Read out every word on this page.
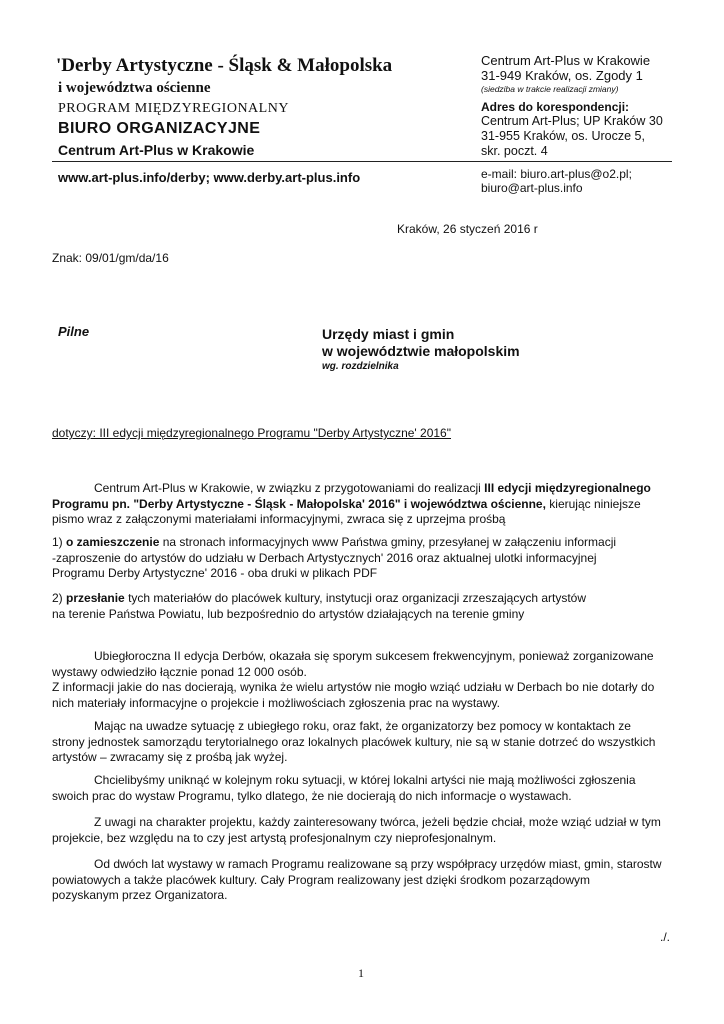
'Derby Artystyczne - Śląsk & Małopolska
i województwa ościenne
PROGRAM MIĘDZYREGIONALNY
BIURO ORGANIZACYJNE
Centrum Art-Plus w Krakowie
www.art-plus.info/derby; www.derby.art-plus.info
Centrum Art-Plus w Krakowie
31-949 Kraków, os. Zgody 1
(siedziba w trakcie realizacji zmiany)
Adres do korespondencji:
Centrum Art-Plus; UP Kraków 30
31-955 Kraków, os. Urocze 5,
skr. poczt. 4
e-mail: biuro.art-plus@o2.pl;
biuro@art-plus.info
Kraków, 26 styczeń 2016 r
Znak: 09/01/gm/da/16
Pilne	Urzędy miast i gmin
w województwie małopolskim
wg. rozdzielnika
dotyczy: III edycji międzyregionalnego Programu "Derby Artystyczne' 2016"
Centrum Art-Plus w Krakowie, w związku z przygotowaniami do realizacji III edycji międzyregionalnego
Programu pn. "Derby Artystyczne - Śląsk - Małopolska' 2016" i województwa ościenne, kierując niniejsze
pismo wraz z załączonymi materiałami informacyjnymi, zwraca się z uprzejma prośbą
1) o zamieszczenie na stronach informacyjnych www Państwa gminy, przesyłanej w załączeniu informacji
-zaproszenie do artystów do udziału w Derbach Artystycznych' 2016 oraz aktualnej ulotki informacyjnej
Programu Derby Artystyczne' 2016 - oba druki w plikach PDF
2) przesłanie tych materiałów do placówek kultury, instytucji oraz organizacji zrzeszających artystów
na terenie Państwa Powiatu, lub bezpośrednio do artystów działających na terenie gminy
Ubiegłoroczna II edycja Derbów, okazała się sporym sukcesem frekwencyjnym, ponieważ zorganizowane
wystawy odwiedziło łącznie ponad 12 000 osób.
Z informacji jakie do nas docierają, wynika że wielu artystów nie mogło wziąć udziału w Derbach bo nie dotarły do
nich materiały informacyjne o projekcie i możliwościach zgłoszenia prac na wystawy.
Mając na uwadze sytuację z ubiegłego roku, oraz fakt, że organizatorzy bez pomocy w kontaktach ze
strony jednostek samorządu terytorialnego oraz lokalnych placówek kultury, nie są w stanie dotrzeć do wszystkich
artystów – zwracamy się z prośbą jak wyżej.
Chcielibyśmy uniknąć w kolejnym roku sytuacji, w której lokalni artyści nie mają możliwości zgłoszenia
swoich prac do wystaw Programu, tylko dlatego, że nie docierają do nich informacje o wystawach.
Z uwagi na charakter projektu, każdy zainteresowany twórca, jeżeli będzie chciał, może wziąć udział w tym
projekcie, bez względu na to czy jest artystą profesjonalnym czy nieprofesjonalnym.
Od dwóch lat wystawy w ramach Programu realizowane są przy współpracy urzędów miast, gmin, starostw
powiatowych a także placówek kultury. Cały Program realizowany jest dzięki środkom pozarządowym
pozyskanym przez Organizatora.
./.
1
